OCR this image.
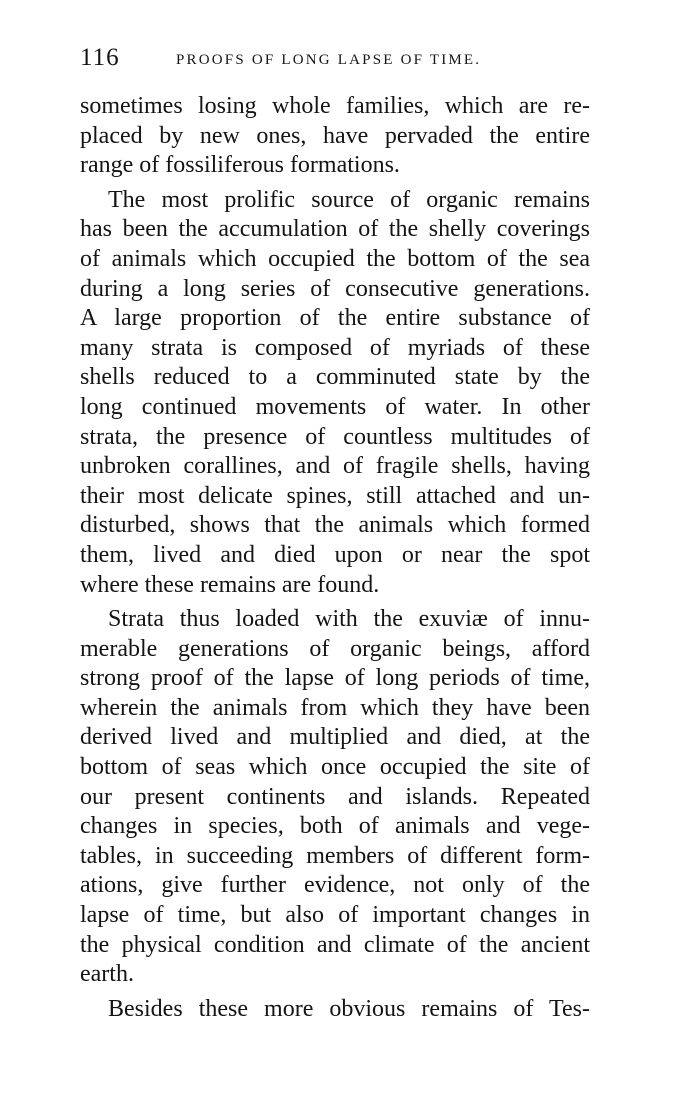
116	PROOFS OF LONG LAPSE OF TIME.
sometimes losing whole families, which are re-
placed by new ones, have pervaded the entire
range of fossiliferous formations.
The most prolific source of organic remains
has been the accumulation of the shelly coverings
of animals which occupied the bottom of the sea
during a long series of consecutive generations.
A large proportion of the entire substance of
many strata is composed of myriads of these
shells reduced to a comminuted state by the
long continued movements of water. In other
strata, the presence of countless multitudes of
unbroken corallines, and of fragile shells, having
their most delicate spines, still attached and un-
disturbed, shows that the animals which formed
them, lived and died upon or near the spot
where these remains are found.
Strata thus loaded with the exuviæ of innu-
merable generations of organic beings, afford
strong proof of the lapse of long periods of time,
wherein the animals from which they have been
derived lived and multiplied and died, at the
bottom of seas which once occupied the site of
our present continents and islands. Repeated
changes in species, both of animals and vege-
tables, in succeeding members of different form-
ations, give further evidence, not only of the
lapse of time, but also of important changes in
the physical condition and climate of the ancient
earth.
Besides these more obvious remains of Tes-
